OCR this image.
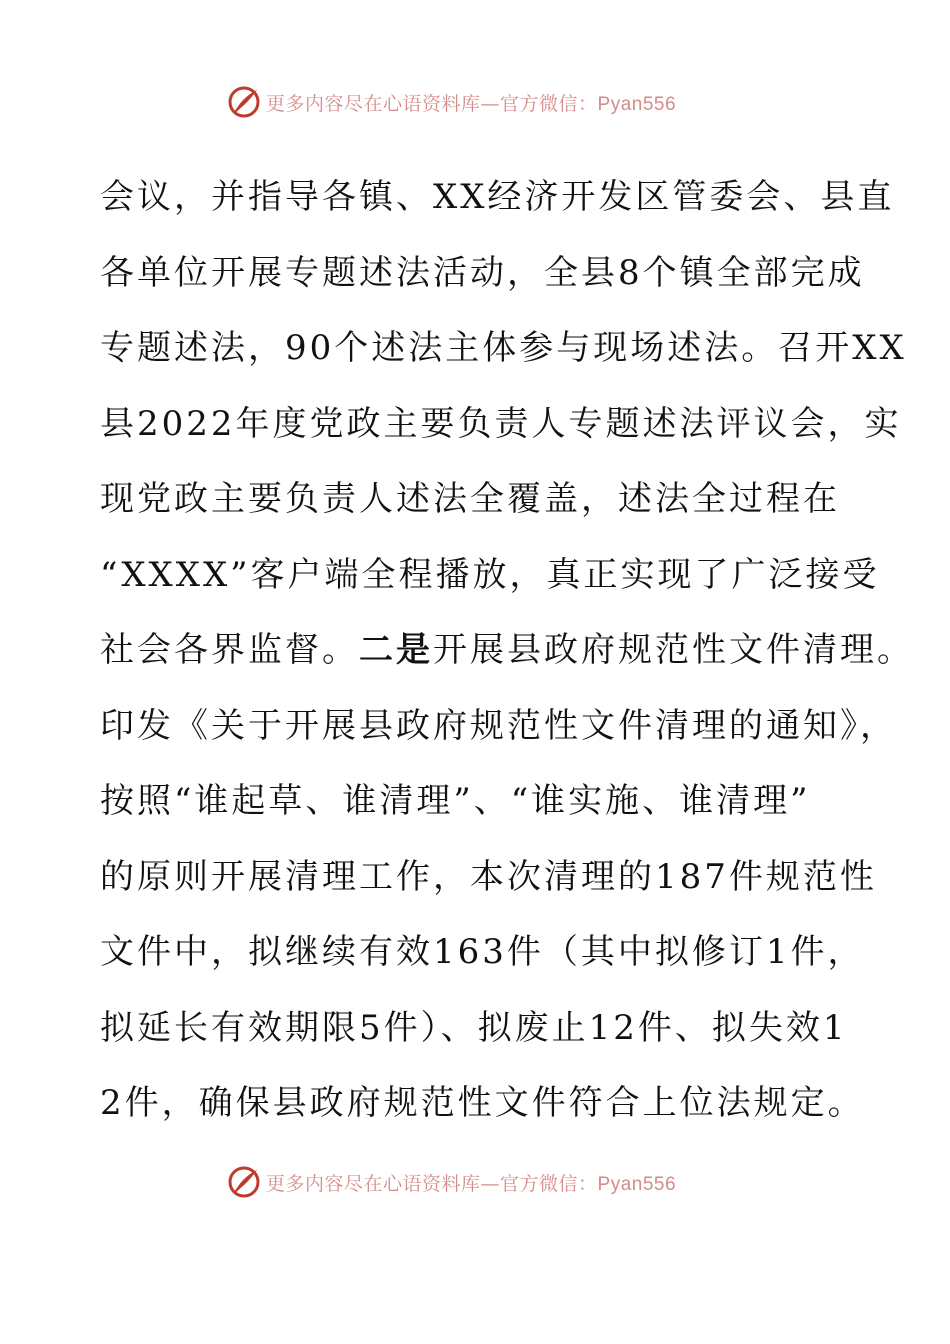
更多内容尽在心语资料库—官方微信：Pyan556
会议，并指导各镇、XX经济开发区管委会、县直
各单位开展专题述法活动，全县8个镇全部完成
专题述法，90个述法主体参与现场述法。召开XX
县2022年度党政主要负责人专题述法评议会，实
现党政主要负责人述法全覆盖，述法全过程在
“XXXX”客户端全程播放，真正实现了广泛接受
社会各界监督。二是开展县政府规范性文件清理。
印发《关于开展县政府规范性文件清理的通知》，
按照“谁起草、谁清理”、“谁实施、谁清理”
的原则开展清理工作，本次清理的187件规范性
文件中，拟继续有效163件（其中拟修订1件，
拟延长有效期限5件）、拟废止12件、拟失效1
2件，确保县政府规范性文件符合上位法规定。
更多内容尽在心语资料库—官方微信：Pyan556
